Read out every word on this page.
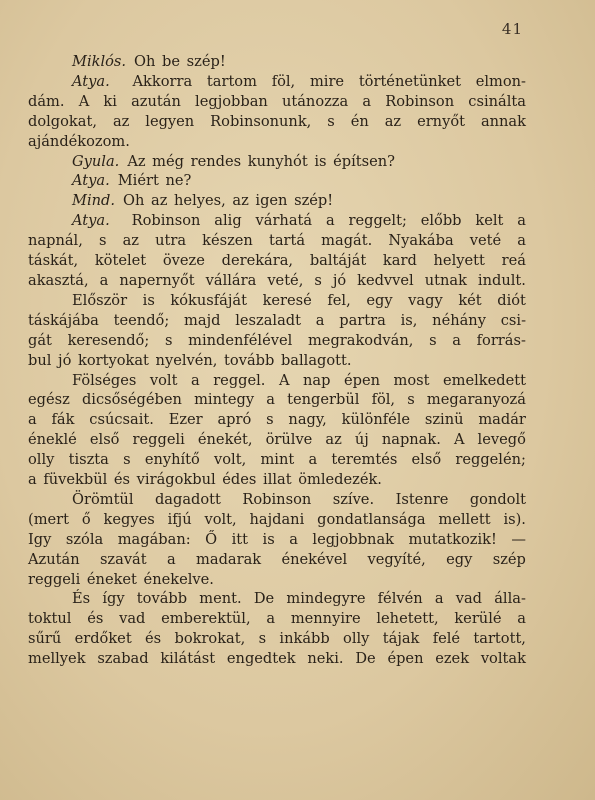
41
Miklós. Oh be szép!
Atya. Akkorra tartom föl, mire történetünket elmon-
dám. A ki azután legjobban utánozza a Robinson csinálta
dolgokat, az legyen Robinsonunk, s én az ernyőt annak
ajándékozom.
Gyula. Az még rendes kunyhót is építsen?
Atya. Miért ne?
Mind. Oh az helyes, az igen szép!
Atya. Robinson alig várhatá a reggelt; előbb kelt a
napnál, s az utra készen tartá magát. Nyakába veté a
táskát, kötelet öveze derekára, baltáját kard helyett reá
akasztá, a napernyőt vállára veté, s jó kedvvel utnak indult.
Először is kókusfáját keresé fel, egy vagy két diót
táskájába teendő; majd leszaladt a partra is, néhány csi-
gát keresendő; s mindenfélével megrakodván, s a forrás-
bul jó kortyokat nyelvén, tovább ballagott.
Fölséges volt a reggel. A nap épen most emelkedett
egész dicsőségében mintegy a tengerbül föl, s megaranyozá
a fák csúcsait. Ezer apró s nagy, különféle szinü madár
éneklé első reggeli énekét, örülve az új napnak. A levegő
olly tiszta s enyhítő volt, mint a teremtés első reggelén;
a füvekbül és virágokbul édes illat ömledezék.
Örömtül dagadott Robinson szíve. Istenre gondolt
(mert ő kegyes ifjú volt, hajdani gondatlansága mellett is).
Igy szóla magában: Ő itt is a legjobbnak mutatkozik! —
Azután szavát a madarak énekével vegyíté, egy szép
reggeli éneket énekelve.
És így tovább ment. De mindegyre félvén a vad álla-
toktul és vad emberektül, a mennyire lehetett, kerülé a
sűrű erdőket és bokrokat, s inkább olly tájak felé tartott,
mellyek szabad kilátást engedtek neki. De épen ezek voltak
